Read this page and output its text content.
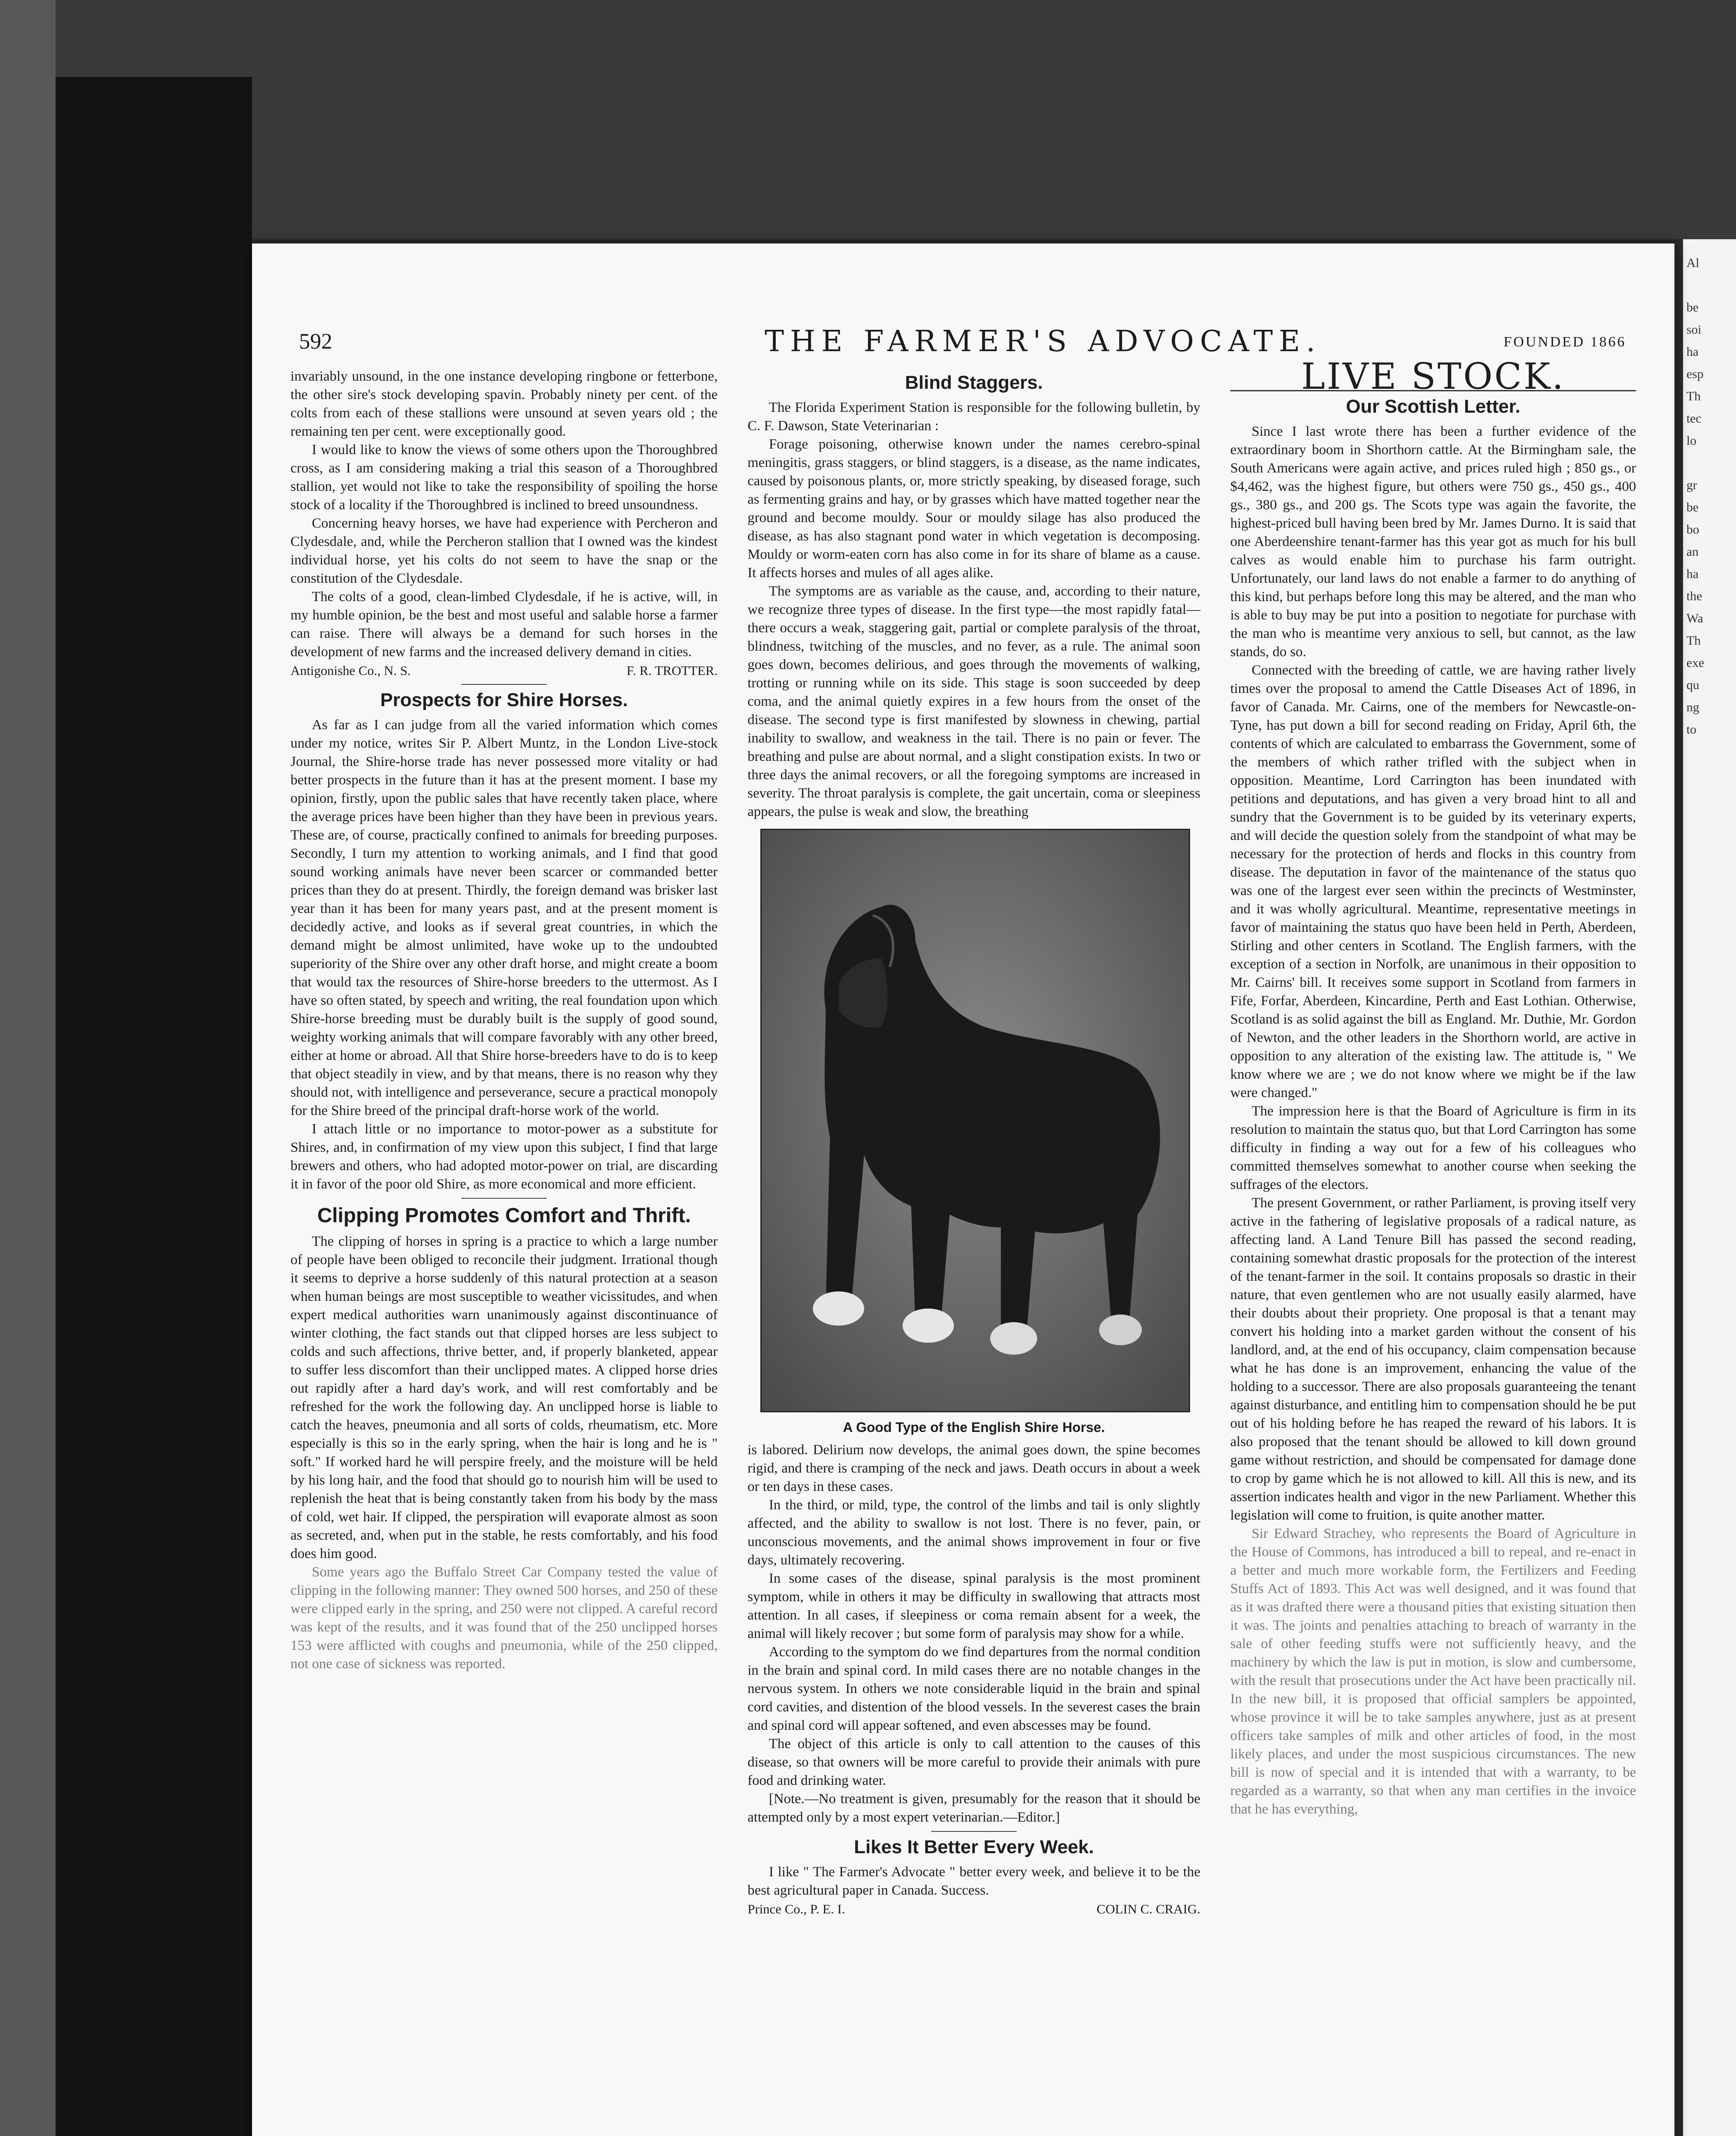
Al

be
soi
ha
esp
Th
tec
lo

gr
be
bo
an
ha
the
Wa
Th
exe
qu
ng
to
592	THE FARMER'S ADVOCATE.	FOUNDED 1866

invariably unsound, in the one instance developing ringbone or fetterbone, the other sire's stock developing spavin. Probably ninety per cent. of the colts from each of these stallions were unsound at seven years old ; the remaining ten per cent. were exceptionally good.

I would like to know the views of some others upon the Thoroughbred cross, as I am considering making a trial this season of a Thoroughbred stallion, yet would not like to take the responsibility of spoiling the horse stock of a locality if the Thoroughbred is inclined to breed unsoundness.

Concerning heavy horses, we have had experience with Percheron and Clydesdale, and, while the Percheron stallion that I owned was the kindest individual horse, yet his colts do not seem to have the snap or the constitution of the Clydesdale.

The colts of a good, clean-limbed Clydesdale, if he is active, will, in my humble opinion, be the best and most useful and salable horse a farmer can raise. There will always be a demand for such horses in the development of new farms and the increased delivery demand in cities.

Antigonishe Co., N. S.	F. R. TROTTER.
Prospects for Shire Horses.

As far as I can judge from all the varied information which comes under my notice, writes Sir P. Albert Muntz, in the London Live-stock Journal, the Shire-horse trade has never possessed more vitality or had better prospects in the future than it has at the present moment. I base my opinion, firstly, upon the public sales that have recently taken place, where the average prices have been higher than they have been in previous years. These are, of course, practically confined to animals for breeding purposes. Secondly, I turn my attention to working animals, and I find that good sound working animals have never been scarcer or commanded better prices than they do at present. Thirdly, the foreign demand was brisker last year than it has been for many years past, and at the present moment is decidedly active, and looks as if several great countries, in which the demand might be almost unlimited, have woke up to the undoubted superiority of the Shire over any other draft horse, and might create a boom that would tax the resources of Shire-horse breeders to the uttermost. As I have so often stated, by speech and writing, the real foundation upon which Shire-horse breeding must be durably built is the supply of good sound, weighty working animals that will compare favorably with any other breed, either at home or abroad. All that Shire horse-breeders have to do is to keep that object steadily in view, and by that means, there is no reason why they should not, with intelligence and perseverance, secure a practical monopoly for the Shire breed of the principal draft-horse work of the world.

I attach little or no importance to motor-power as a substitute for Shires, and, in confirmation of my view upon this subject, I find that large brewers and others, who had adopted motor-power on trial, are discarding it in favor of the poor old Shire, as more economical and more efficient.

Clipping Promotes Comfort and Thrift.

The clipping of horses in spring is a practice to which a large number of people have been obliged to reconcile their judgment. Irrational though it seems to deprive a horse suddenly of this natural protection at a season when human beings are most susceptible to weather vicissitudes, and when expert medical authorities warn unanimously against discontinuance of winter clothing, the fact stands out that clipped horses are less subject to colds and such affections, thrive better, and, if properly blanketed, appear to suffer less discomfort than their unclipped mates. A clipped horse dries out rapidly after a hard day's work, and will rest comfortably and be refreshed for the work the following day. An unclipped horse is liable to catch the heaves, pneumonia and all sorts of colds, rheumatism, etc. More especially is this so in the early spring, when the hair is long and he is " soft." If worked hard he will perspire freely, and the moisture will be held by his long hair, and the food that should go to nourish him will be used to replenish the heat that is being constantly taken from his body by the mass of cold, wet hair. If clipped, the perspiration will evaporate almost as soon as secreted, and, when put in the stable, he rests comfortably, and his food does him good.

Some years ago the Buffalo Street Car Company tested the value of clipping in the following manner: They owned 500 horses, and 250 of these were clipped early in the spring, and 250 were not clipped. A careful record was kept of the results, and it was found that of the 250 unclipped horses 153 were afflicted with coughs and pneumonia, while of the 250 clipped, not one case of sickness was reported.

Blind Staggers.

The Florida Experiment Station is responsible for the following bulletin, by C. F. Dawson, State Veterinarian :

Forage poisoning, otherwise known under the names cerebro-spinal meningitis, grass staggers, or blind staggers, is a disease, as the name indicates, caused by poisonous plants, or, more strictly speaking, by diseased forage, such as fermenting grains and hay, or by grasses which have matted together near the ground and become mouldy. Sour or mouldy silage has also produced the disease, as has also stagnant pond water in which vegetation is decomposing. Mouldy or worm-eaten corn has also come in for its share of blame as a cause. It affects horses and mules of all ages alike.

The symptoms are as variable as the cause, and, according to their nature, we recognize three types of disease. In the first type—the most rapidly fatal—there occurs a weak, staggering gait, partial or complete paralysis of the throat, blindness, twitching of the muscles, and no fever, as a rule. The animal soon goes down, becomes delirious, and goes through the movements of walking, trotting or running while on its side. This stage is soon succeeded by deep coma, and the animal quietly expires in a few hours from the onset of the disease. The second type is first manifested by slowness in chewing, partial inability to swallow, and weakness in the tail. There is no pain or fever. The breathing and pulse are about normal, and a slight constipation exists. In two or three days the animal recovers, or all the foregoing symptoms are increased in severity. The throat paralysis is complete, the gait uncertain, coma or sleepiness appears, the pulse is weak and slow, the breathing

A Good Type of the English Shire Horse.

is labored. Delirium now develops, the animal goes down, the spine becomes rigid, and there is cramping of the neck and jaws. Death occurs in about a week or ten days in these cases.

In the third, or mild, type, the control of the limbs and tail is only slightly affected, and the ability to swallow is not lost. There is no fever, pain, or unconscious movements, and the animal shows improvement in four or five days, ultimately recovering.

In some cases of the disease, spinal paralysis is the most prominent symptom, while in others it may be difficulty in swallowing that attracts most attention. In all cases, if sleepiness or coma remain absent for a week, the animal will likely recover ; but some form of paralysis may show for a while.

According to the symptom do we find departures from the normal condition in the brain and spinal cord. In mild cases there are no notable changes in the nervous system. In others we note considerable liquid in the brain and spinal cord cavities, and distention of the blood vessels. In the severest cases the brain and spinal cord will appear softened, and even abscesses may be found.

The object of this article is only to call attention to the causes of this disease, so that owners will be more careful to provide their animals with pure food and drinking water.

[Note.—No treatment is given, presumably for the reason that it should be attempted only by a most expert veterinarian.—Editor.]

Likes It Better Every Week.

I like " The Farmer's Advocate " better every week, and believe it to be the best agricultural paper in Canada. Success.

Prince Co., P. E. I.	COLIN C. CRAIG.
LIVE STOCK.
Our Scottish Letter.

Since I last wrote there has been a further evidence of the extraordinary boom in Shorthorn cattle. At the Birmingham sale, the South Americans were again active, and prices ruled high ; 850 gs., or $4,462, was the highest figure, but others were 750 gs., 450 gs., 400 gs., 380 gs., and 200 gs. The Scots type was again the favorite, the highest-priced bull having been bred by Mr. James Durno. It is said that one Aberdeenshire tenant-farmer has this year got as much for his bull calves as would enable him to purchase his farm outright. Unfortunately, our land laws do not enable a farmer to do anything of this kind, but perhaps before long this may be altered, and the man who is able to buy may be put into a position to negotiate for purchase with the man who is meantime very anxious to sell, but cannot, as the law stands, do so.

Connected with the breeding of cattle, we are having rather lively times over the proposal to amend the Cattle Diseases Act of 1896, in favor of Canada. Mr. Cairns, one of the members for Newcastle-on-Tyne, has put down a bill for second reading on Friday, April 6th, the contents of which are calculated to embarrass the Government, some of the members of which rather trifled with the subject when in opposition. Meantime, Lord Carrington has been inundated with petitions and deputations, and has given a very broad hint to all and sundry that the Government is to be guided by its veterinary experts, and will decide the question solely from the standpoint of what may be necessary for the protection of herds and flocks in this country from disease. The deputation in favor of the maintenance of the status quo was one of the largest ever seen within the precincts of Westminster, and it was wholly agricultural. Meantime, representative meetings in favor of maintaining the status quo have been held in Perth, Aberdeen, Stirling and other centers in Scotland. The English farmers, with the exception of a section in Norfolk, are unanimous in their opposition to Mr. Cairns' bill. It receives some support in Scotland from farmers in Fife, Forfar, Aberdeen, Kincardine, Perth and East Lothian. Otherwise, Scotland is as solid against the bill as England. Mr. Duthie, Mr. Gordon of Newton, and the other leaders in the Shorthorn world, are active in opposition to any alteration of the existing law. The attitude is, " We know where we are ; we do not know where we might be if the law were changed."

The impression here is that the Board of Agriculture is firm in its resolution to maintain the status quo, but that Lord Carrington has some difficulty in finding a way out for a few of his colleagues who committed themselves somewhat to another course when seeking the suffrages of the electors.

The present Government, or rather Parliament, is proving itself very active in the fathering of legislative proposals of a radical nature, as affecting land. A Land Tenure Bill has passed the second reading, containing somewhat drastic proposals for the protection of the interest of the tenant-farmer in the soil. It contains proposals so drastic in their nature, that even gentlemen who are not usually easily alarmed, have their doubts about their propriety. One proposal is that a tenant may convert his holding into a market garden without the consent of his landlord, and, at the end of his occupancy, claim compensation because what he has done is an improvement, enhancing the value of the holding to a successor. There are also proposals guaranteeing the tenant against disturbance, and entitling him to compensation should he be put out of his holding before he has reaped the reward of his labors. It is also proposed that the tenant should be allowed to kill down ground game without restriction, and should be compensated for damage done to crop by game which he is not allowed to kill. All this is new, and its assertion indicates health and vigor in the new Parliament. Whether this legislation will come to fruition, is quite another matter.

Sir Edward Strachey, who represents the Board of Agriculture in the House of Commons, has introduced a bill to repeal, and re-enact in a better and much more workable form, the Fertilizers and Feeding Stuffs Act of 1893. This Act was well designed, and it was found that as it was drafted there were a thousand pities that existing situation then it was. The joints and penalties attaching to breach of warranty in the sale of other feeding stuffs were not sufficiently heavy, and the machinery by which the law is put in motion, is slow and cumbersome, with the result that prosecutions under the Act have been practically nil. In the new bill, it is proposed that official samplers be appointed, whose province it will be to take samples anywhere, just as at present officers take samples of milk and other articles of food, in the most likely places, and under the most suspicious circumstances. The new bill is now of special and it is intended that with a warranty, to be regarded as a warranty, so that when any man certifies in the invoice that he has everything,
